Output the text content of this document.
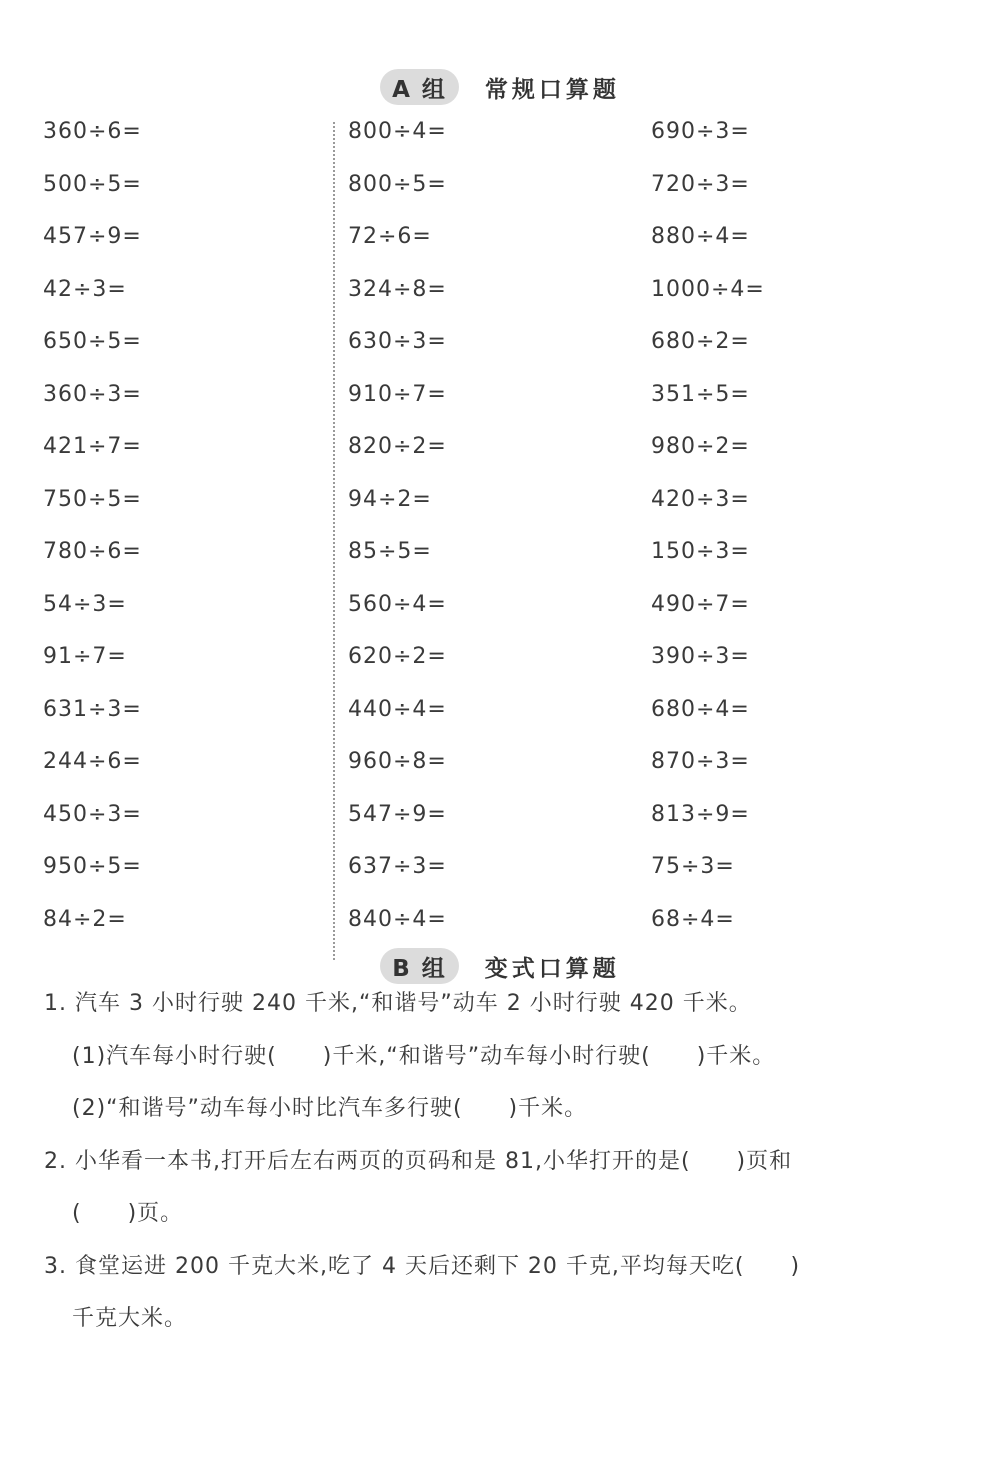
A 组	常规口算题
360÷6=
500÷5=
457÷9=
42÷3=
650÷5=
360÷3=
421÷7=
750÷5=
780÷6=
54÷3=
91÷7=
631÷3=
244÷6=
450÷3=
950÷5=
84÷2=
800÷4=
800÷5=
72÷6=
324÷8=
630÷3=
910÷7=
820÷2=
94÷2=
85÷5=
560÷4=
620÷2=
440÷4=
960÷8=
547÷9=
637÷3=
840÷4=
690÷3=
720÷3=
880÷4=
1000÷4=
680÷2=
351÷5=
980÷2=
420÷3=
150÷3=
490÷7=
390÷3=
680÷4=
870÷3=
813÷9=
75÷3=
68÷4=
B 组	变式口算题
1. 汽车 3 小时行驶 240 千米,“和谐号”动车 2 小时行驶 420 千米。
(1)汽车每小时行驶(　　)千米,“和谐号”动车每小时行驶(　　)千米。
(2)“和谐号”动车每小时比汽车多行驶(　　)千米。
2. 小华看一本书,打开后左右两页的页码和是 81,小华打开的是(　　)页和
(　　)页。
3. 食堂运进 200 千克大米,吃了 4 天后还剩下 20 千克,平均每天吃(　　)
千克大米。
